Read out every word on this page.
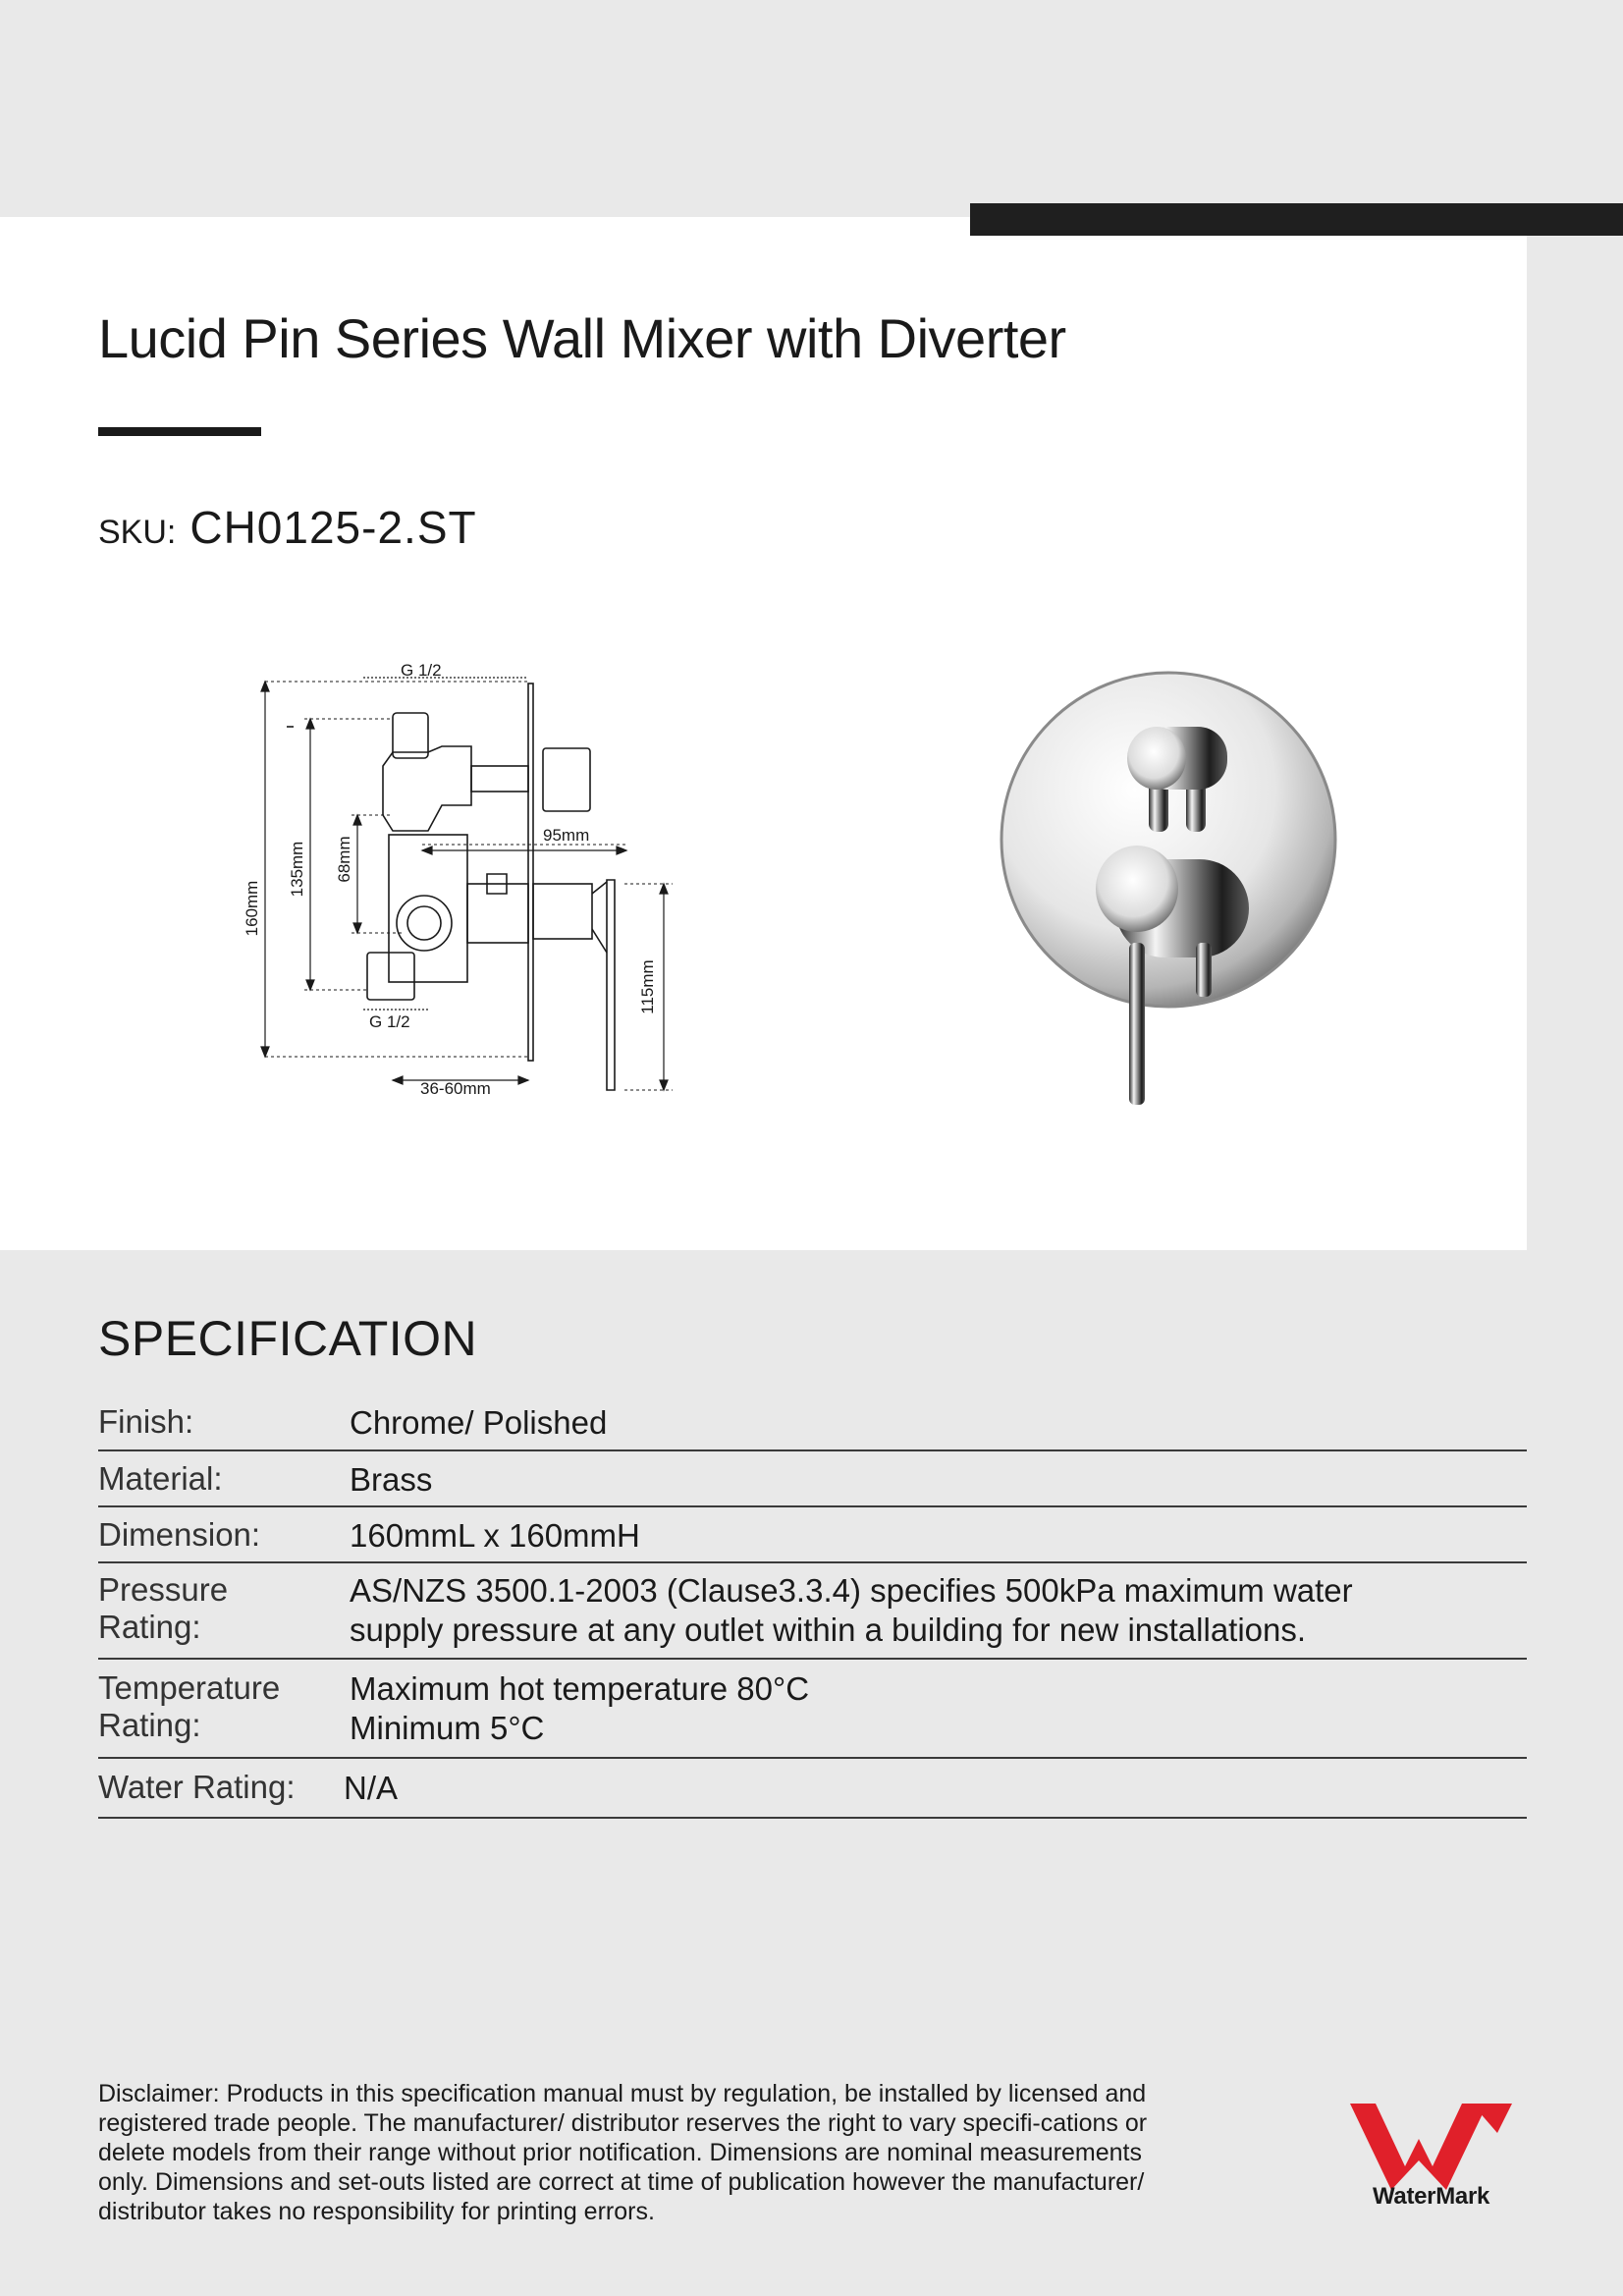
Lucid Pin Series Wall Mixer with Diverter
SKU: CH0125-2.ST
G 1/2
G 1/2
95mm
36-60mm
160mm
135mm 68mm
115mm
SPECIFICATION
Finish:	Chrome/ Polished
Material:	Brass
Dimension:	160mmL x 160mmH
Pressure
Rating:
AS/NZS 3500.1-2003 (Clause3.3.4) specifies 500kPa maximum water
supply pressure at any outlet within a building for new installations.
Temperature
Rating:
Maximum hot temperature 80°C
Minimum 5°C
Water Rating:	N/A

Disclaimer: Products in this specification manual must by regulation, be installed by licensed and registered trade people. The manufacturer/ distributor reserves the right to vary specifi-cations or delete models from their range without prior notification. Dimensions are nominal measurements only. Dimensions and set-outs listed are correct at time of publication however the manufacturer/ distributor takes no responsibility for printing errors.

WaterMark
